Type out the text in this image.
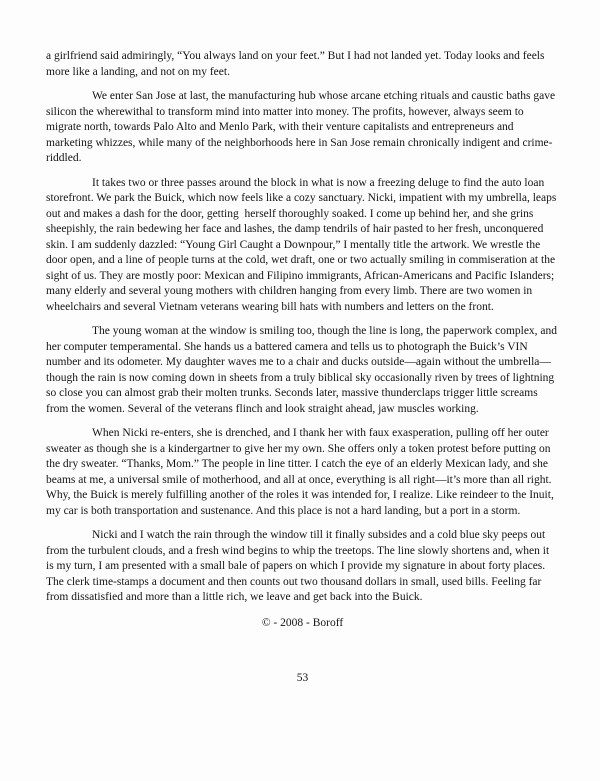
a girlfriend said admiringly, “You always land on your feet.” But I had not landed yet. Today looks and feels more like a landing, and not on my feet.

We enter San Jose at last, the manufacturing hub whose arcane etching rituals and caustic baths gave silicon the wherewithal to transform mind into matter into money. The profits, however, always seem to migrate north, towards Palo Alto and Menlo Park, with their venture capitalists and entrepreneurs and marketing whizzes, while many of the neighborhoods here in San Jose remain chronically indigent and crime-riddled.

It takes two or three passes around the block in what is now a freezing deluge to find the auto loan storefront. We park the Buick, which now feels like a cozy sanctuary. Nicki, impatient with my umbrella, leaps out and makes a dash for the door, getting  herself thoroughly soaked. I come up behind her, and she grins sheepishly, the rain bedewing her face and lashes, the damp tendrils of hair pasted to her fresh, unconquered skin. I am suddenly dazzled: “Young Girl Caught a Downpour,” I mentally title the artwork. We wrestle the door open, and a line of people turns at the cold, wet draft, one or two actually smiling in commiseration at the sight of us. They are mostly poor: Mexican and Filipino immigrants, African-Americans and Pacific Islanders; many elderly and several young mothers with children hanging from every limb. There are two women in wheelchairs and several Vietnam veterans wearing bill hats with numbers and letters on the front.

The young woman at the window is smiling too, though the line is long, the paperwork complex, and her computer temperamental. She hands us a battered camera and tells us to photograph the Buick’s VIN number and its odometer. My daughter waves me to a chair and ducks outside—again without the umbrella—though the rain is now coming down in sheets from a truly biblical sky occasionally riven by trees of lightning so close you can almost grab their molten trunks. Seconds later, massive thunderclaps trigger little screams from the women. Several of the veterans flinch and look straight ahead, jaw muscles working.

When Nicki re-enters, she is drenched, and I thank her with faux exasperation, pulling off her outer sweater as though she is a kindergartner to give her my own. She offers only a token protest before putting on the dry sweater. “Thanks, Mom.” The people in line titter. I catch the eye of an elderly Mexican lady, and she beams at me, a universal smile of motherhood, and all at once, everything is all right—it’s more than all right.  Why, the Buick is merely fulfilling another of the roles it was intended for, I realize. Like reindeer to the Inuit, my car is both transportation and sustenance. And this place is not a hard landing, but a port in a storm.

Nicki and I watch the rain through the window till it finally subsides and a cold blue sky peeps out from the turbulent clouds, and a fresh wind begins to whip the treetops. The line slowly shortens and, when it is my turn, I am presented with a small bale of papers on which I provide my signature in about forty places. The clerk time-stamps a document and then counts out two thousand dollars in small, used bills. Feeling far from dissatisfied and more than a little rich, we leave and get back into the Buick.

© - 2008 - Boroff

53
